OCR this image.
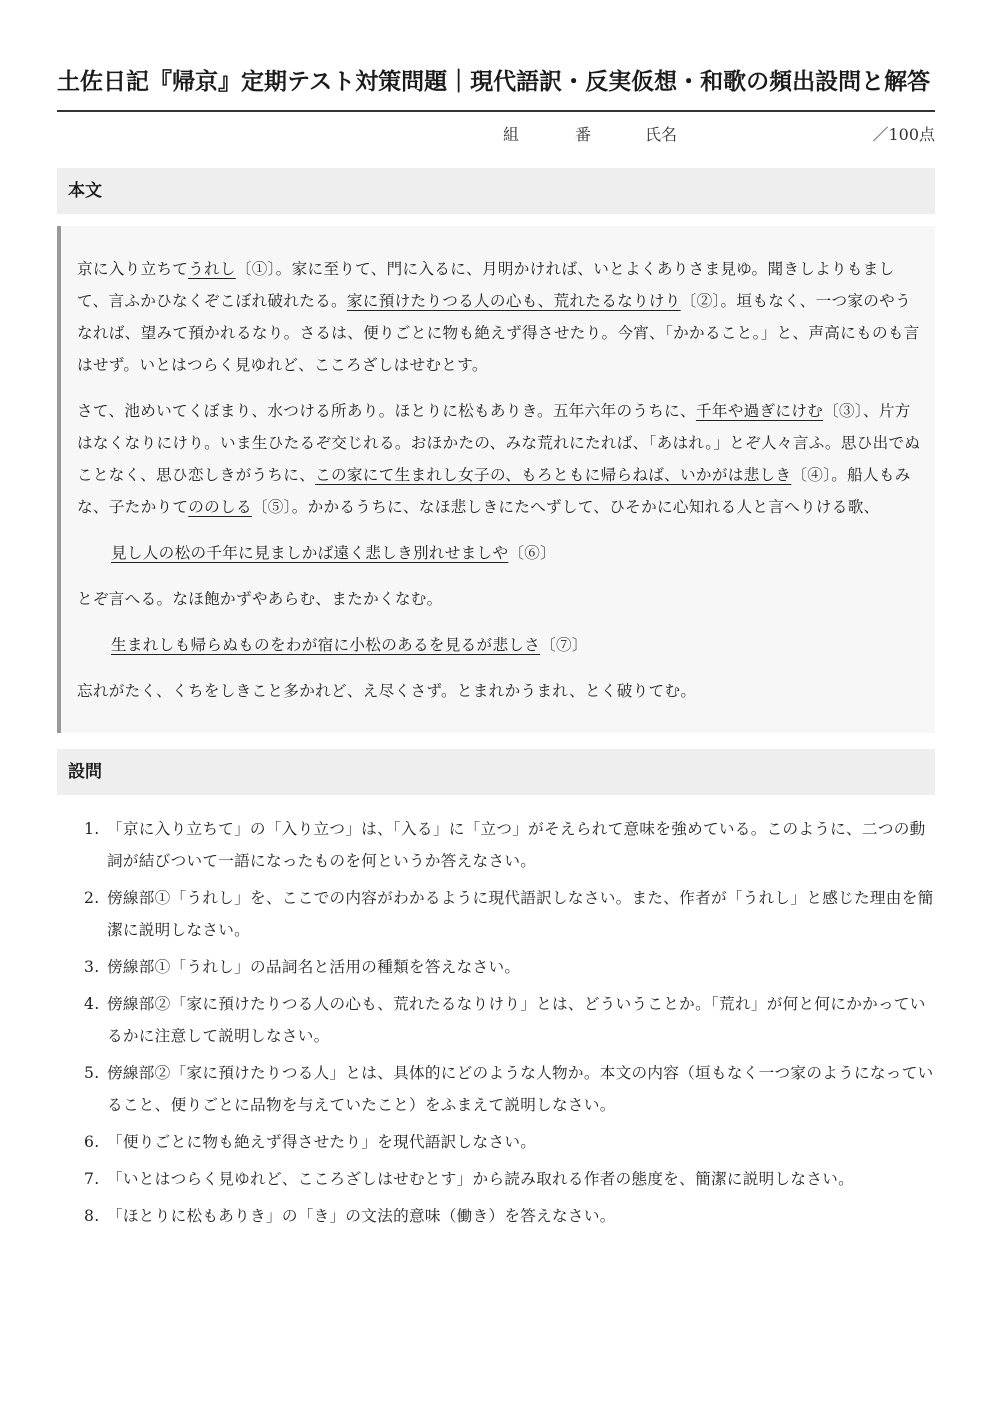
土佐日記『帰京』定期テスト対策問題｜現代語訳・反実仮想・和歌の頻出設問と解答
組	番	氏名	／100点
本文

京に入り立ちてうれし〔①〕。家に至りて、門に入るに、月明かければ、いとよくありさま見ゆ。聞きしよりもまして、言ふかひなくぞこぼれ破れたる。家に預けたりつる人の心も、荒れたるなりけり〔②〕。垣もなく、一つ家のやうなれば、望みて預かれるなり。さるは、便りごとに物も絶えず得させたり。今宵、「かかること。」と、声高にものも言はせず。いとはつらく見ゆれど、こころざしはせむとす。

さて、池めいてくぼまり、水つける所あり。ほとりに松もありき。五年六年のうちに、千年や過ぎにけむ〔③〕、片方はなくなりにけり。いま生ひたるぞ交じれる。おほかたの、みな荒れにたれば、「あはれ。」とぞ人々言ふ。思ひ出でぬことなく、思ひ恋しきがうちに、この家にて生まれし女子の、もろともに帰らねば、いかがは悲しき〔④〕。船人もみな、子たかりてののしる〔⑤〕。かかるうちに、なほ悲しきにたへずして、ひそかに心知れる人と言へりける歌、

見し人の松の千年に見ましかば遠く悲しき別れせましや〔⑥〕

とぞ言へる。なほ飽かずやあらむ、またかくなむ。

生まれしも帰らぬものをわが宿に小松のあるを見るが悲しさ〔⑦〕

忘れがたく、くちをしきこと多かれど、え尽くさず。とまれかうまれ、とく破りてむ。

設問
1. 「京に入り立ちて」の「入り立つ」は、「入る」に「立つ」がそえられて意味を強めている。このように、二つの動詞が結びついて一語になったものを何というか答えなさい。
2. 傍線部①「うれし」を、ここでの内容がわかるように現代語訳しなさい。また、作者が「うれし」と感じた理由を簡潔に説明しなさい。
3. 傍線部①「うれし」の品詞名と活用の種類を答えなさい。
4. 傍線部②「家に預けたりつる人の心も、荒れたるなりけり」とは、どういうことか。「荒れ」が何と何にかかっているかに注意して説明しなさい。
5. 傍線部②「家に預けたりつる人」とは、具体的にどのような人物か。本文の内容（垣もなく一つ家のようになっていること、便りごとに品物を与えていたこと）をふまえて説明しなさい。
6. 「便りごとに物も絶えず得させたり」を現代語訳しなさい。
7. 「いとはつらく見ゆれど、こころざしはせむとす」から読み取れる作者の態度を、簡潔に説明しなさい。
8. 「ほとりに松もありき」の「き」の文法的意味（働き）を答えなさい。
